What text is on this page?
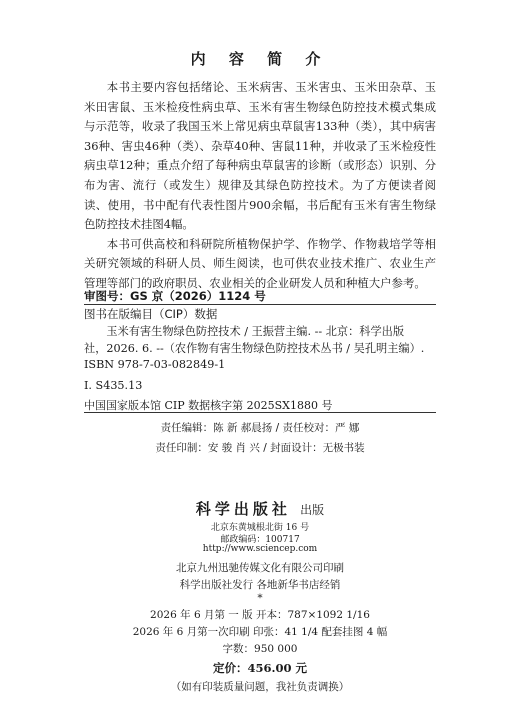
内 容 简 介

本书主要内容包括绪论、玉米病害、玉米害虫、玉米田杂草、玉米田害鼠、玉米检疫性病虫草、玉米有害生物绿色防控技术模式集成与示范等，收录了我国玉米上常见病虫草鼠害133种（类），其中病害36种、害虫46种（类）、杂草40种、害鼠11种，并收录了玉米检疫性病虫草12种；重点介绍了每种病虫草鼠害的诊断（或形态）识别、分布为害、流行（或发生）规律及其绿色防控技术。为了方便读者阅读、使用，书中配有代表性图片900余幅，书后配有玉米有害生物绿色防控技术挂图4幅。

本书可供高校和科研院所植物保护学、作物学、作物栽培学等相关研究领域的科研人员、师生阅读，也可供农业技术推广、农业生产管理等部门的政府职员、农业相关的企业研发人员和种植大户参考。

审图号：GS 京（2026）1124 号
图书在版编目（CIP）数据
玉米有害生物绿色防控技术 / 王振营主编. -- 北京：科学出版
社，2026. 6. --（农作物有害生物绿色防控技术丛书 / 吴孔明主编）.
ISBN 978-7-03-082849-1
Ⅰ. S435.13
中国国家版本馆 CIP 数据核字第 2025SX1880 号
责任编辑：陈 新 郝晨扬 / 责任校对：严 娜
责任印制：安 骏 肖 兴 / 封面设计：无极书装
科学出版社 出版
北京东黄城根北街 16 号
邮政编码：100717
http://www.sciencep.com
北京九州迅驰传媒文化有限公司印刷
科学出版社发行 各地新华书店经销
*
2026 年 6 月第 一 版 开本：787×1092 1/16
2026 年 6 月第一次印刷 印张：41 1/4 配套挂图 4 幅
字数：950 000
定价：456.00 元
（如有印装质量问题，我社负责调换）
